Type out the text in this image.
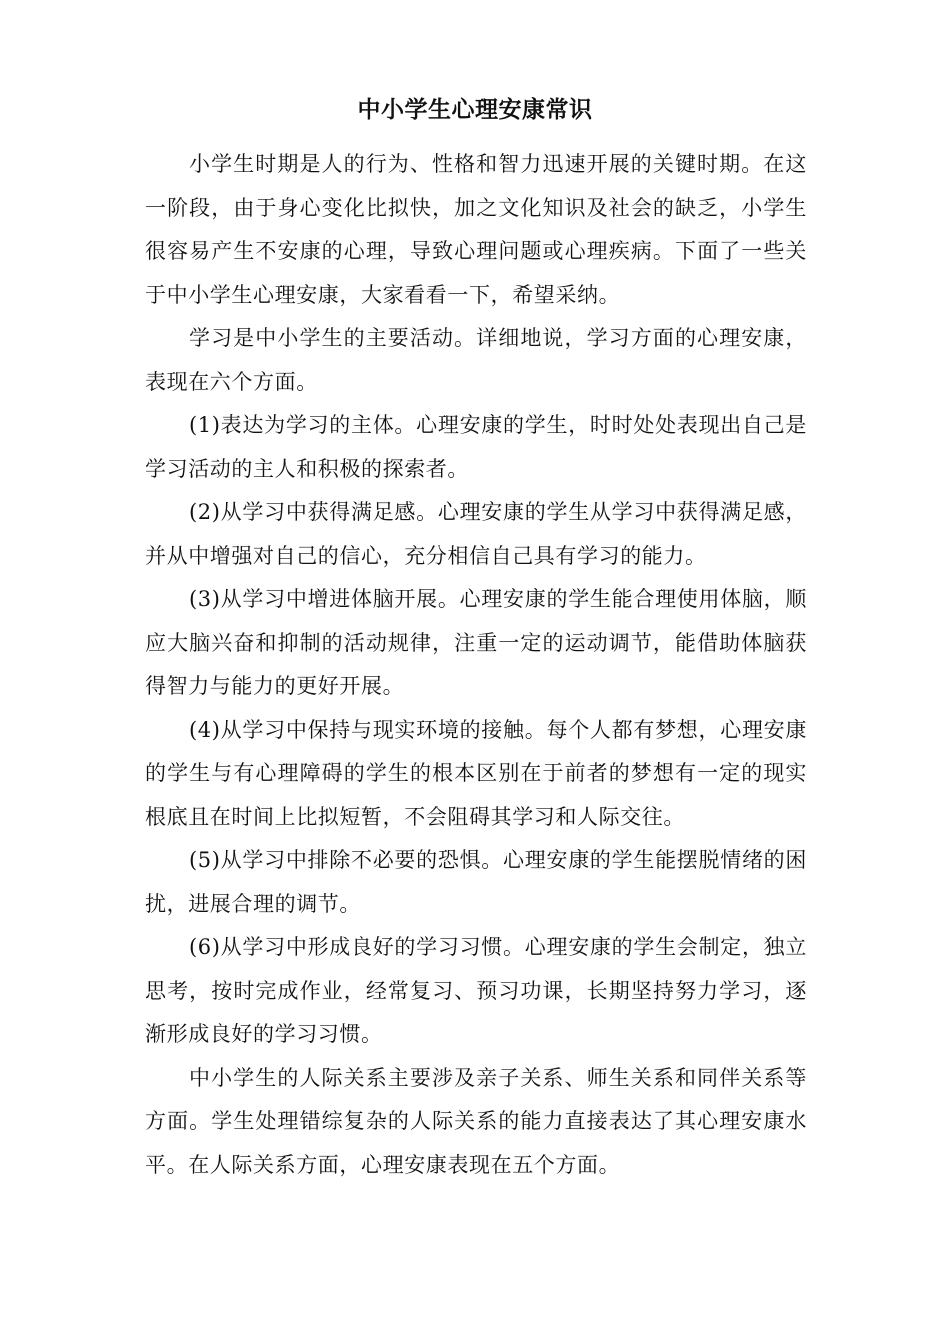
中小学生心理安康常识

小学生时期是人的行为、性格和智力迅速开展的关键时期。在这一阶段，由于身心变化比拟快，加之文化知识及社会的缺乏，小学生很容易产生不安康的心理，导致心理问题或心理疾病。下面了一些关于中小学生心理安康，大家看看一下，希望采纳。

学习是中小学生的主要活动。详细地说，学习方面的心理安康，表现在六个方面。

(1)表达为学习的主体。心理安康的学生，时时处处表现出自己是学习活动的主人和积极的探索者。

(2)从学习中获得满足感。心理安康的学生从学习中获得满足感，并从中增强对自己的信心，充分相信自己具有学习的能力。

(3)从学习中增进体脑开展。心理安康的学生能合理使用体脑，顺应大脑兴奋和抑制的活动规律，注重一定的运动调节，能借助体脑获得智力与能力的更好开展。

(4)从学习中保持与现实环境的接触。每个人都有梦想，心理安康的学生与有心理障碍的学生的根本区别在于前者的梦想有一定的现实根底且在时间上比拟短暂，不会阻碍其学习和人际交往。

(5)从学习中排除不必要的恐惧。心理安康的学生能摆脱情绪的困扰，进展合理的调节。

(6)从学习中形成良好的学习习惯。心理安康的学生会制定，独立思考，按时完成作业，经常复习、预习功课，长期坚持努力学习，逐渐形成良好的学习习惯。

中小学生的人际关系主要涉及亲子关系、师生关系和同伴关系等方面。学生处理错综复杂的人际关系的能力直接表达了其心理安康水平。在人际关系方面，心理安康表现在五个方面。
